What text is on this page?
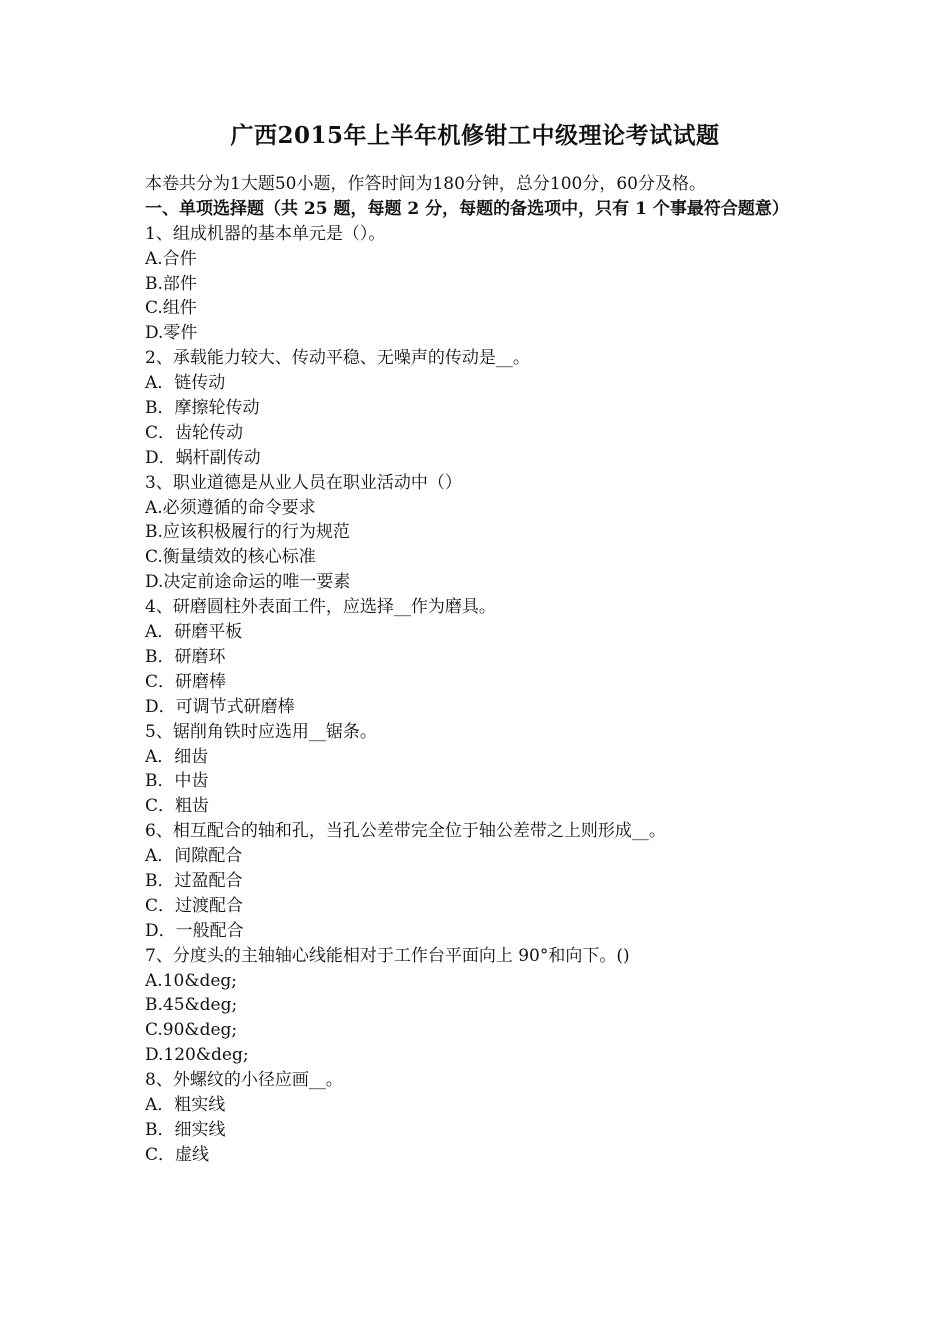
广西2015年上半年机修钳工中级理论考试试题
本卷共分为1大题50小题，作答时间为180分钟，总分100分，60分及格。
一、单项选择题（共 25 题，每题 2 分，每题的备选项中，只有 1 个事最符合题意）
1、组成机器的基本单元是（）。
A.合件
B.部件
C.组件
D.零件
2、承载能力较大、传动平稳、无噪声的传动是__。
A．链传动
B．摩擦轮传动
C．齿轮传动
D．蜗杆副传动
3、职业道德是从业人员在职业活动中（）
A.必须遵循的命令要求
B.应该积极履行的行为规范
C.衡量绩效的核心标准
D.决定前途命运的唯一要素
4、研磨圆柱外表面工件，应选择__作为磨具。
A．研磨平板
B．研磨环
C．研磨棒
D．可调节式研磨棒
5、锯削角铁时应选用__锯条。
A．细齿
B．中齿
C．粗齿
6、相互配合的轴和孔，当孔公差带完全位于轴公差带之上则形成__。
A．间隙配合
B．过盈配合
C．过渡配合
D．一般配合
7、分度头的主轴轴心线能相对于工作台平面向上 90°和向下。()
A.10&deg;
B.45&deg;
C.90&deg;
D.120&deg;
8、外螺纹的小径应画__。
A．粗实线
B．细实线
C．虚线
